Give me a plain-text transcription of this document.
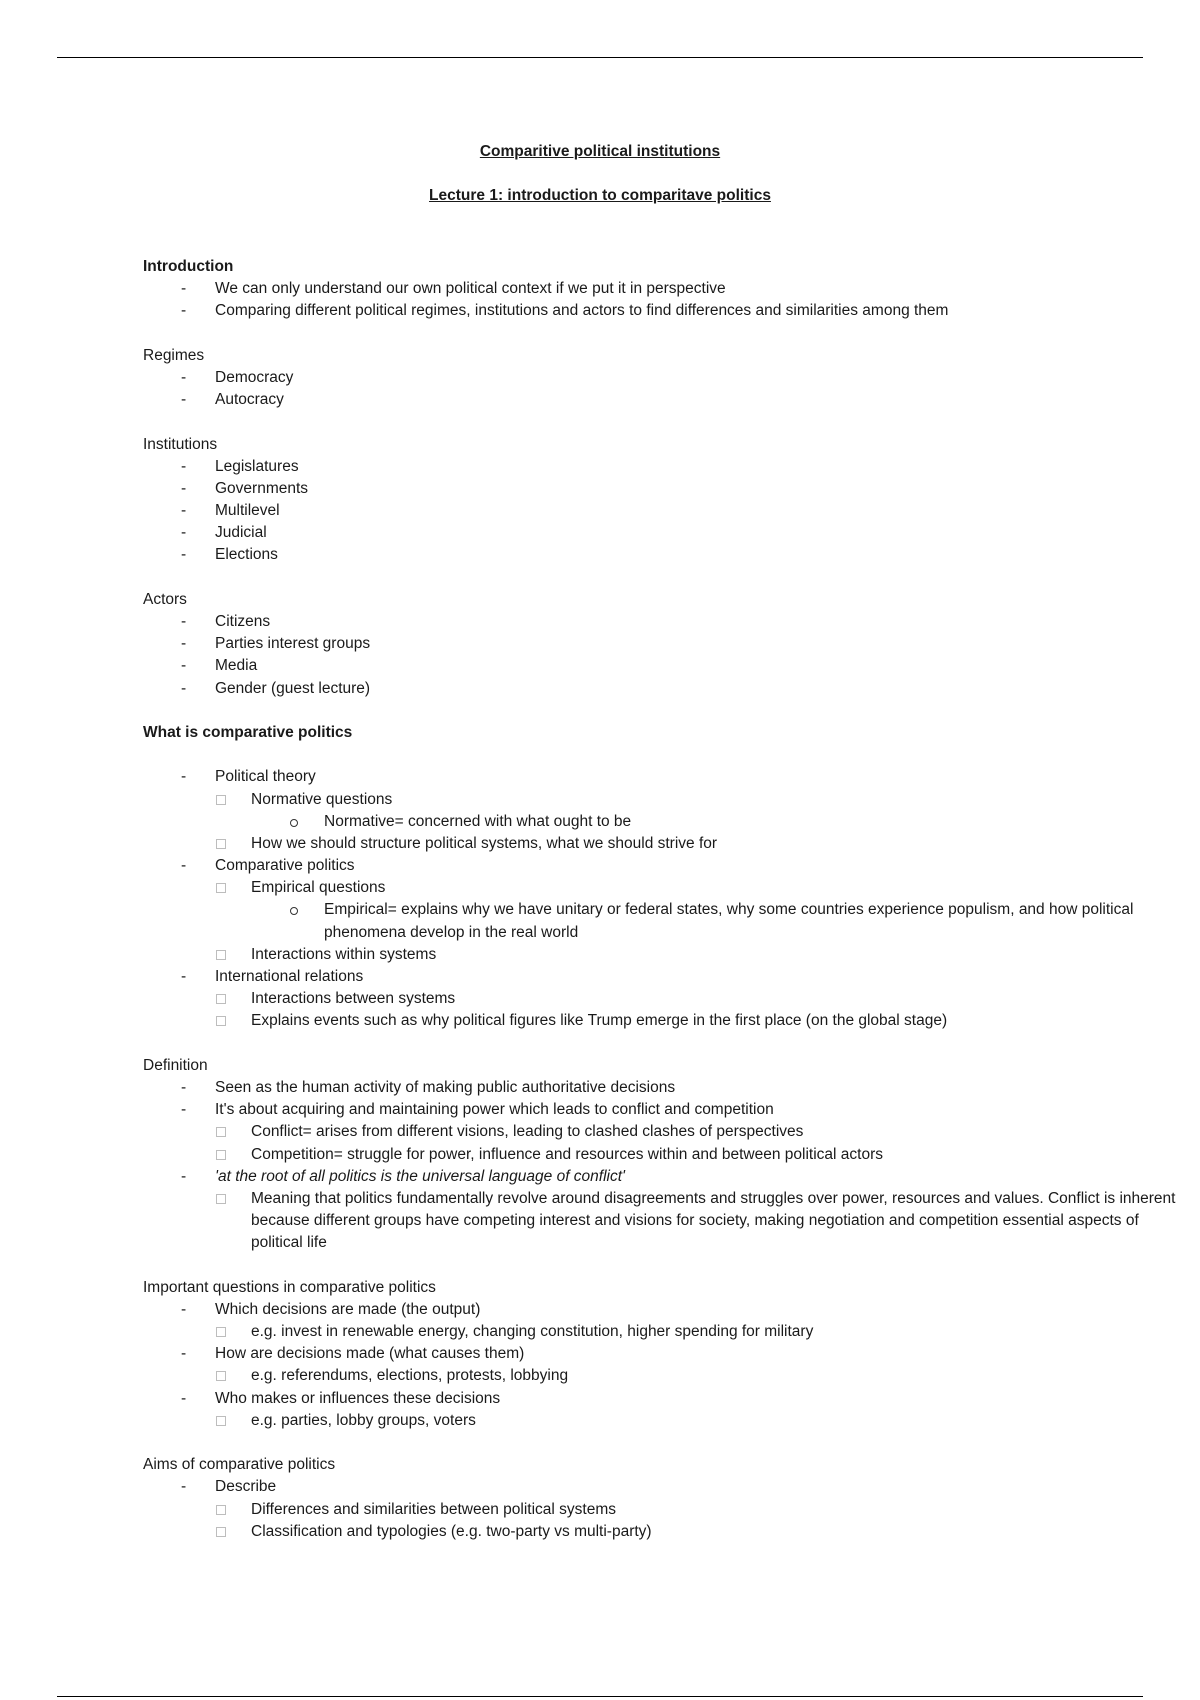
Comparitive political institutions
Lecture 1: introduction to comparitave politics
Introduction
-	We can only understand our own political context if we put it in perspective
-	Comparing different political regimes, institutions and actors to find differences and similarities among them
Regimes
-	Democracy
-	Autocracy
Institutions
-	Legislatures
-	Governments
-	Multilevel
-	Judicial
-	Elections
Actors
-	Citizens
-	Parties interest groups
-	Media
-	Gender (guest lecture)
What is comparative politics
-	Political theory
Normative questions
Normative= concerned with what ought to be
How we should structure political systems, what we should strive for
-	Comparative politics
Empirical questions
Empirical= explains why we have unitary or federal states, why some countries experience populism, and how political phenomena develop in the real world
Interactions within systems
-	International relations
Interactions between systems
Explains events such as why political figures like Trump emerge in the first place (on the global stage)
Definition
-	Seen as the human activity of making public authoritative decisions
-	It's about acquiring and maintaining power which leads to conflict and competition
Conflict= arises from different visions, leading to clashed clashes of perspectives
Competition= struggle for power, influence and resources within and between political actors
-	'at the root of all politics is the universal language of conflict'
Meaning that politics fundamentally revolve around disagreements and struggles over power, resources and values. Conflict is inherent because different groups have competing interest and visions for society, making negotiation and competition essential aspects of political life
Important questions in comparative politics
-	Which decisions are made (the output)
e.g. invest in renewable energy, changing constitution, higher spending for military
-	How are decisions made (what causes them)
e.g. referendums, elections, protests, lobbying
-	Who makes or influences these decisions
e.g. parties, lobby groups, voters
Aims of comparative politics
-	Describe
Differences and similarities between political systems
Classification and typologies (e.g. two-party vs multi-party)
